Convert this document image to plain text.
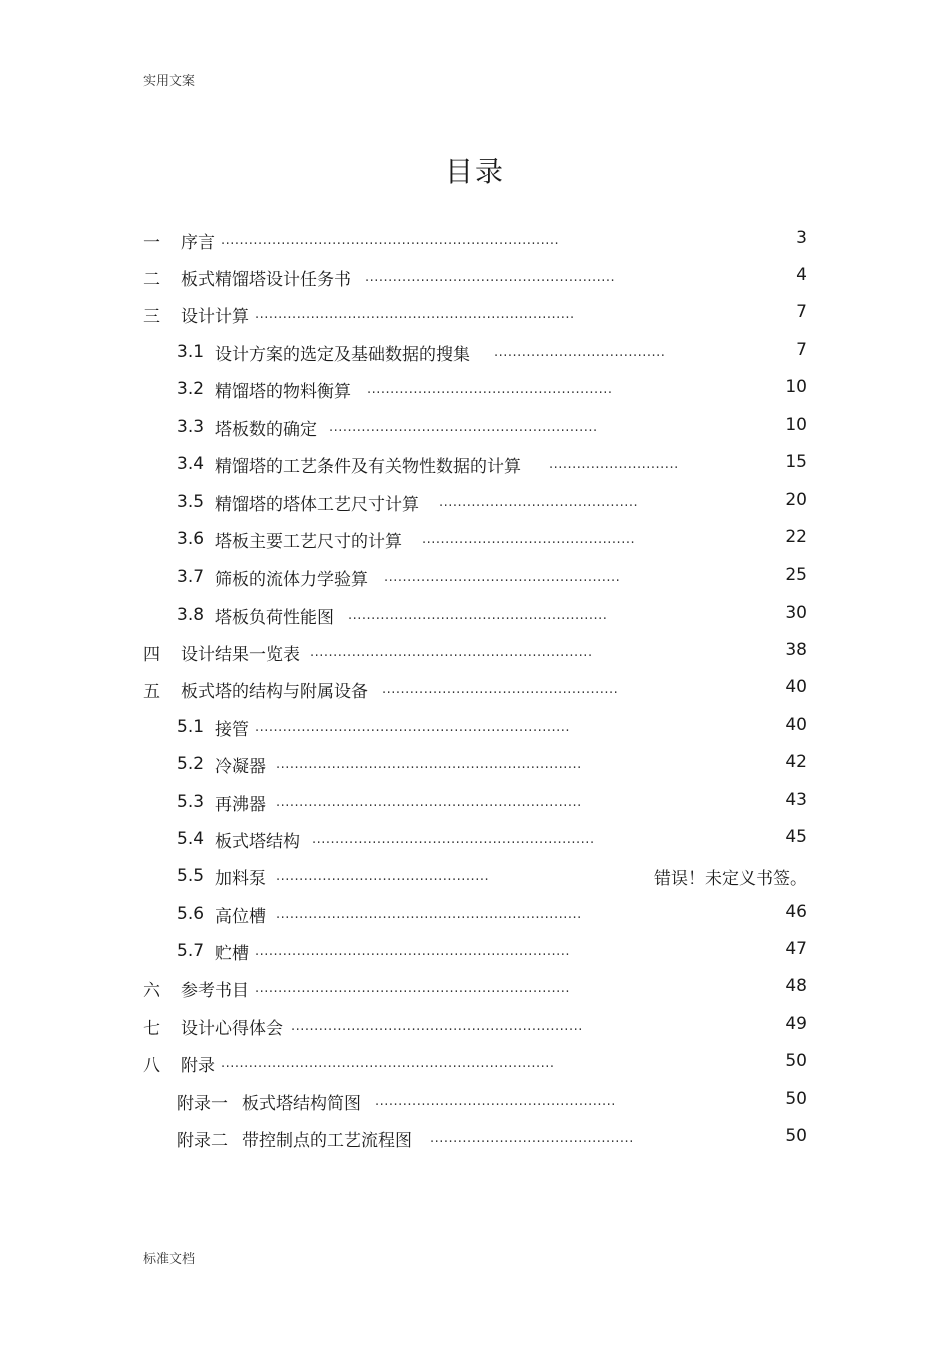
实用文案
目录
一	序言 .........................................................................	3
二	板式精馏塔设计任务书 ......................................................	4
三	设计计算 .....................................................................	7
3.1 设计方案的选定及基础数据的搜集 .....................................	7
3.2 精馏塔的物料衡算 .....................................................	10
3.3 塔板数的确定 ..........................................................	10
3.4 精馏塔的工艺条件及有关物性数据的计算 ............................	15
3.5 精馏塔的塔体工艺尺寸计算 ...........................................	20
3.6 塔板主要工艺尺寸的计算 ..............................................	22
3.7 筛板的流体力学验算 ...................................................	25
3.8 塔板负荷性能图 ........................................................	30
四	设计结果一览表 .............................................................	38
五	板式塔的结构与附属设备 ...................................................	40
5.1 接管 ....................................................................	40
5.2 冷凝器 ..................................................................	42
5.3 再沸器 ..................................................................	43
5.4 板式塔结构 .............................................................	45
5.5 加料泵 ..............................................	错误！未定义书签。
5.6 高位槽 ..................................................................	46
5.7 贮槽 ....................................................................	47
六	参考书目 ....................................................................	48
七	设计心得体会 ...............................................................	49
八	附录 ........................................................................	50
附录一 板式塔结构简图 ....................................................	50
附录二 带控制点的工艺流程图 ............................................	50
标准文档
